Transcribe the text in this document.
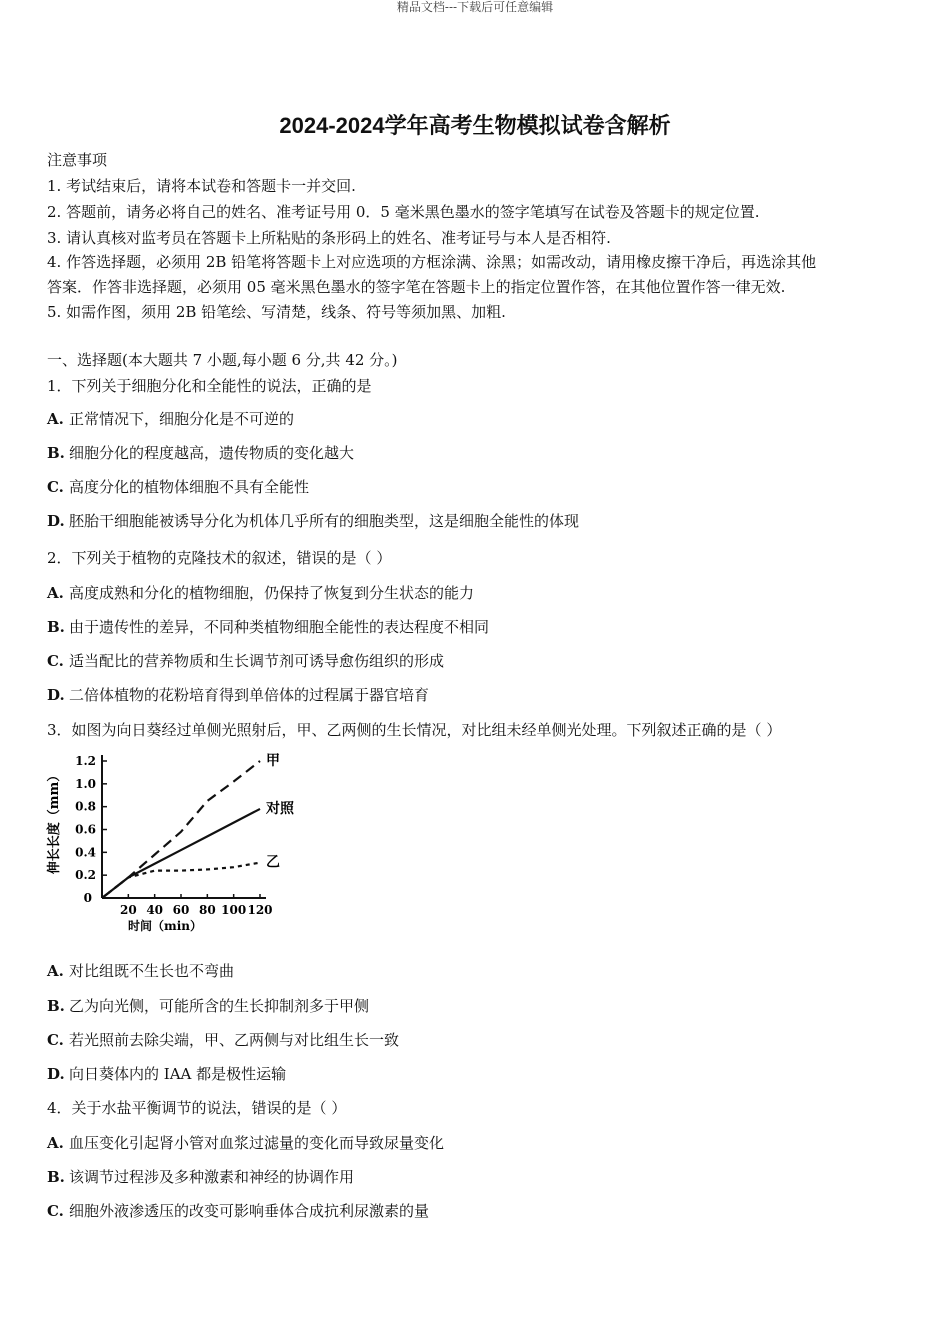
精品文档---下载后可任意编辑
2024-2024学年高考生物模拟试卷含解析
注意事项
1. 考试结束后，请将本试卷和答题卡一并交回.
2. 答题前，请务必将自己的姓名、准考证号用 0．5 毫米黑色墨水的签字笔填写在试卷及答题卡的规定位置.
3. 请认真核对监考员在答题卡上所粘贴的条形码上的姓名、准考证号与本人是否相符.
4. 作答选择题，必须用 2B 铅笔将答题卡上对应选项的方框涂满、涂黑；如需改动，请用橡皮擦干净后，再选涂其他
答案．作答非选择题，必须用 05 毫米黑色墨水的签字笔在答题卡上的指定位置作答，在其他位置作答一律无效.
5. 如需作图，须用 2B 铅笔绘、写清楚，线条、符号等须加黑、加粗.
一、选择题(本大题共 7 小题,每小题 6 分,共 42 分。)
1．下列关于细胞分化和全能性的说法，正确的是
A. 正常情况下，细胞分化是不可逆的
B. 细胞分化的程度越高，遗传物质的变化越大
C. 高度分化的植物体细胞不具有全能性
D. 胚胎干细胞能被诱导分化为机体几乎所有的细胞类型，这是细胞全能性的体现
2．下列关于植物的克隆技术的叙述，错误的是（ ）
A. 高度成熟和分化的植物细胞，仍保持了恢复到分生状态的能力
B. 由于遗传性的差异，不同种类植物细胞全能性的表达程度不相同
C. 适当配比的营养物质和生长调节剂可诱导愈伤组织的形成
D. 二倍体植物的花粉培育得到单倍体的过程属于器官培育
3．如图为向日葵经过单侧光照射后，甲、乙两侧的生长情况，对比组未经单侧光处理。下列叙述正确的是（ ）
A. 对比组既不生长也不弯曲
B. 乙为向光侧，可能所含的生长抑制剂多于甲侧
C. 若光照前去除尖端，甲、乙两侧与对比组生长一致
D. 向日葵体内的 IAA 都是极性运输
4．关于水盐平衡调节的说法，错误的是（ ）
A. 血压变化引起肾小管对血浆过滤量的变化而导致尿量变化
B. 该调节过程涉及多种激素和神经的协调作用
C. 细胞外液渗透压的改变可影响垂体合成抗利尿激素的量
0.2
0.4
0.6
0.8
1.0
1.2
0
20 40 60 80 100 120
时间（min）
伸长长度（mm）
甲
对照
乙
